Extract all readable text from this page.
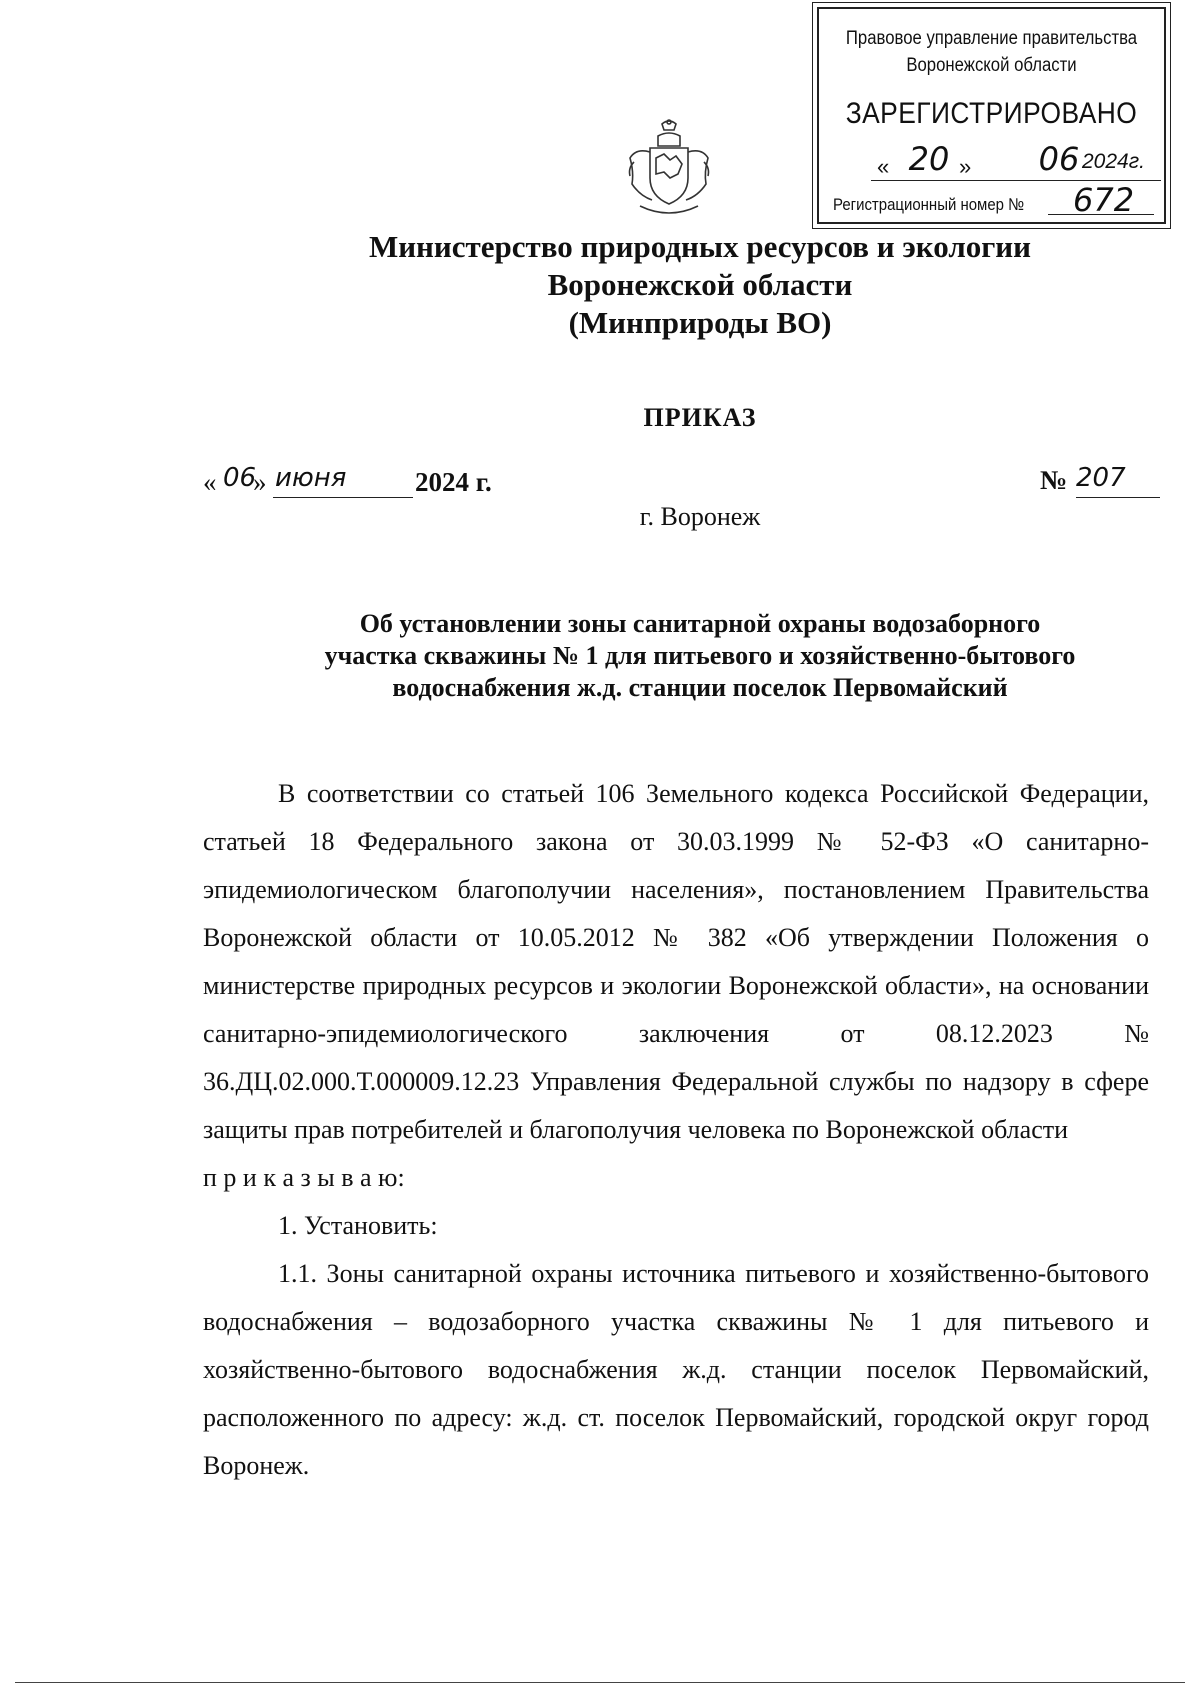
Правовое управление правительства
Воронежской области
ЗАРЕГИСТРИРОВАНО
« 20 »	06 2024г.
Регистрационный номер № 672
Министерство природных ресурсов и экологии
Воронежской области
(Минприроды ВО)
ПРИКАЗ
« 06
» июня	2024 г.	№ 207
г. Воронеж
Об установлении зоны санитарной охраны водозаборного
участка скважины № 1 для питьевого и хозяйственно-бытового
водоснабжения ж.д. станции поселок Первомайский

В соответствии со статьей 106 Земельного кодекса Российской Федерации, статьей 18 Федерального закона от 30.03.1999 № 52-ФЗ «О санитарно-эпидемиологическом благополучии населения», постановлением Правительства Воронежской области от 10.05.2012 № 382 «Об утверждении Положения о министерстве природных ресурсов и экологии Воронежской области», на основании санитарно-эпидемиологического заключения от 08.12.2023 № 36.ДЦ.02.000.Т.000009.12.23 Управления Федеральной службы по надзору в сфере защиты прав потребителей и благополучия человека по Воронежской области

п р и к а з ы в а ю:

1. Установить:

1.1. Зоны санитарной охраны источника питьевого и хозяйственно-бытового водоснабжения – водозаборного участка скважины № 1 для питьевого и хозяйственно-бытового водоснабжения ж.д. станции поселок Первомайский, расположенного по адресу: ж.д. ст. поселок Первомайский, городской округ город Воронеж.
